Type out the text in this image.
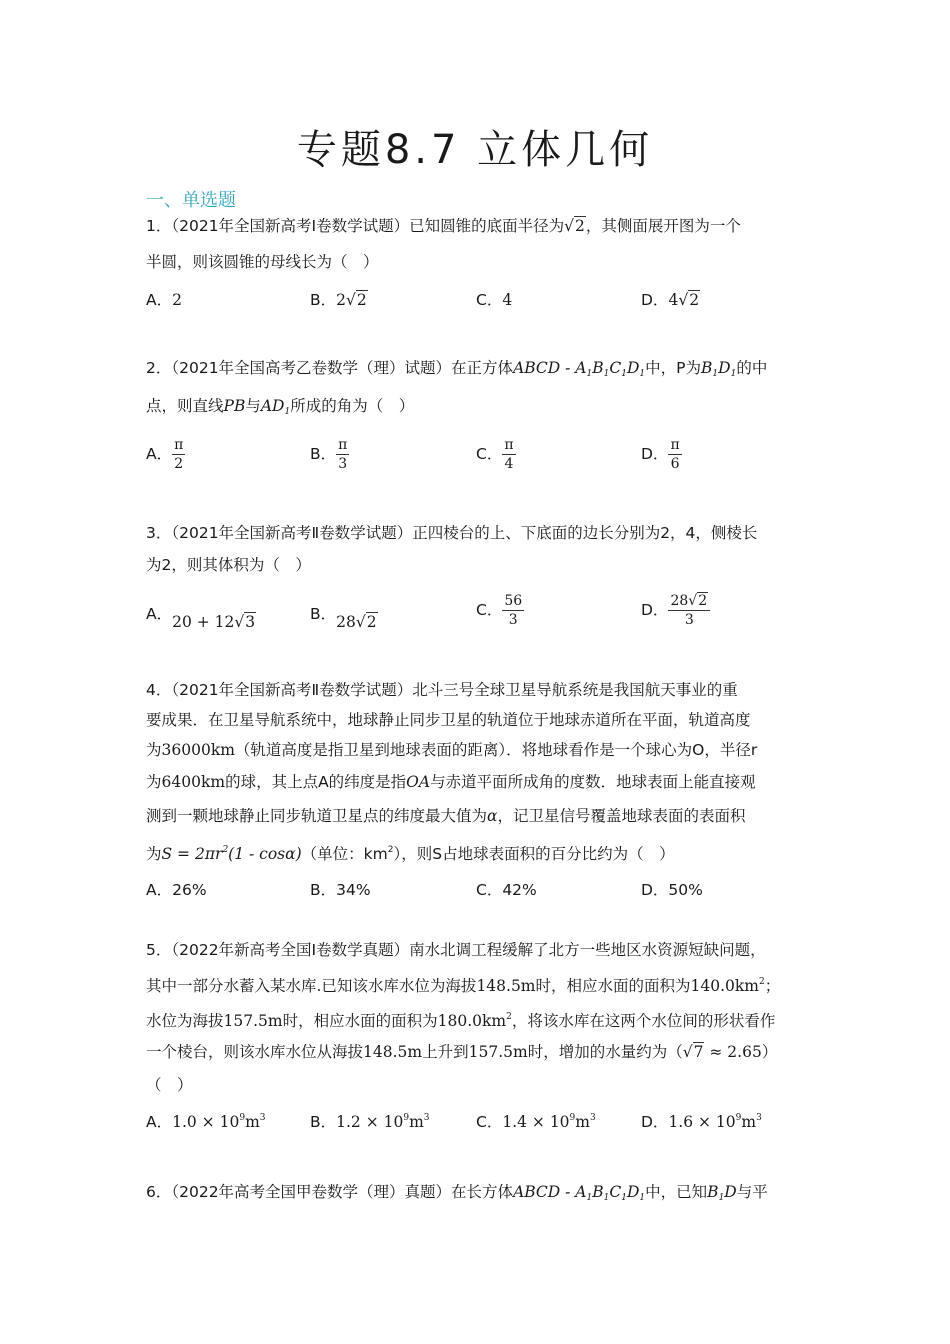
专题8.7 立体几何
一、单选题
1．（2021年全国新高考Ⅰ卷数学试题）已知圆锥的底面半径为√2，其侧面展开图为一个
半圆，则该圆锥的母线长为（　）
A．2	B．2√2	C．4	D．4√2
2．（2021年全国高考乙卷数学（理）试题）在正方体ABCD - $A_1B_1C_1D_1$中，P为$B_1D_1$的中
点，则直线PB与$AD_1$所成的角为（　）
A． $\frac{\pi}{2}$	B． $\frac{\pi}{3}$	C． $\frac{\pi}{4}$	D． $\frac{\pi}{6}$
3．（2021年全国新高考Ⅱ卷数学试题）正四棱台的上、下底面的边长分别为2，4，侧棱长
为2，则其体积为（　）
A．20 + 12√3	B．28√2
C． $\frac{56}{3}$	D． $\frac{28√2}{3}$
4．（2021年全国新高考Ⅱ卷数学试题）北斗三号全球卫星导航系统是我国航天事业的重
要成果．在卫星导航系统中，地球静止同步卫星的轨道位于地球赤道所在平面，轨道高度
为36000km（轨道高度是指卫星到地球表面的距离）．将地球看作是一个球心为O，半径r
为6400km的球，其上点A的纬度是指OA与赤道平面所成角的度数．地球表面上能直接观
测到一颗地球静止同步轨道卫星点的纬度最大值为α，记卫星信号覆盖地球表面的表面积
为$S = 2\pi r^2(1 - \cos\alpha)$（单位：$km^2$），则S占地球表面积的百分比约为（　）
A．26%	B．34%	C．42%	D．50%
5．（2022年新高考全国Ⅰ卷数学真题）南水北调工程缓解了北方一些地区水资源短缺问题，
其中一部分水蓄入某水库.已知该水库水位为海拔148.5m时，相应水面的面积为$140.0km^2$；
水位为海拔157.5m时，相应水面的面积为$180.0km^2$，将该水库在这两个水位间的形状看作
一个棱台，则该水库水位从海拔148.5m上升到157.5m时，增加的水量约为（√7 ≈ 2.65）
（　）
A．$1.0 \times 10^9m^3$	B．$1.2 \times 10^9m^3$	C．$1.4 \times 10^9m^3$	D．$1.6 \times 10^9m^3$
6．（2022年高考全国甲卷数学（理）真题）在长方体ABCD - $A_1B_1C_1D_1$中，已知$B_1D$与平
